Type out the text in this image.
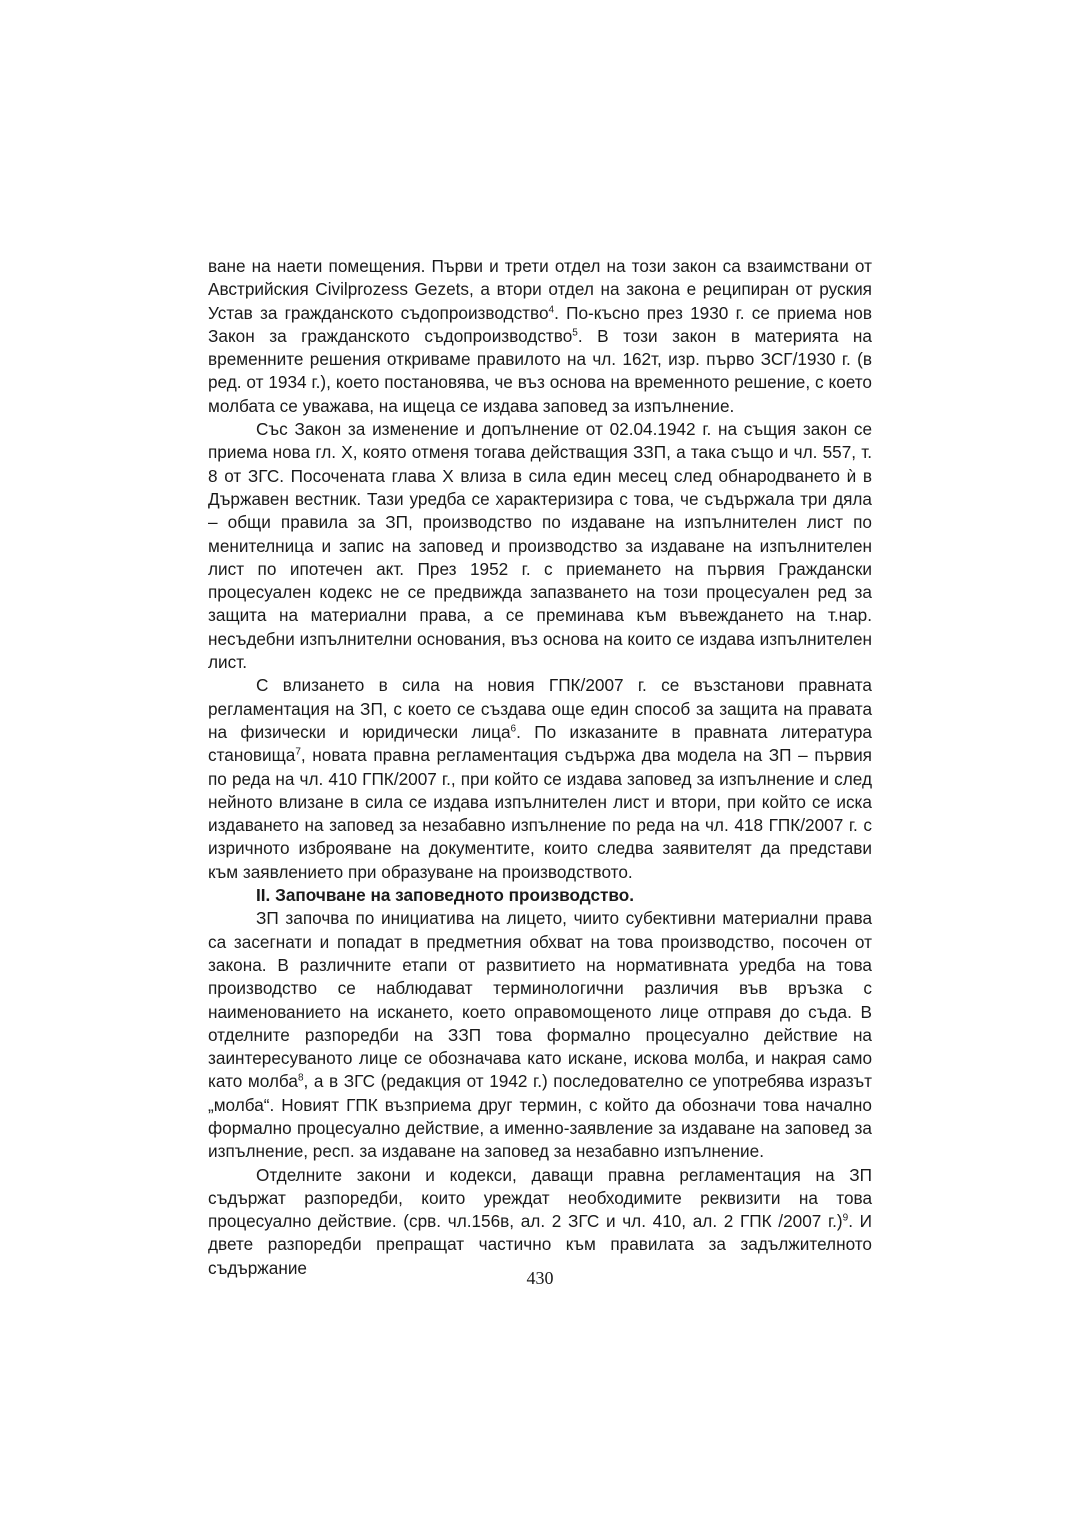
ване на наети помещения. Първи и трети отдел на този закон са взаимствани от Австрийския Civilprozess Gezets, а втори отдел на закона е реципиран от руския Устав за гражданското съдопроизводство$^4$. По-късно през 1930 г. се приема нов Закон за гражданското съдопроизводство$^5$. В този закон в материята на временните решения откриваме правилото на чл. 162т, изр. първо ЗСГ/1930 г. (в ред. от 1934 г.), което постановява, че въз основа на временното решение, с което молбата се уважава, на ищеца се издава заповед за изпълнение.

Със Закон за изменение и допълнение от 02.04.1942 г. на същия закон се приема нова гл. Х, която отменя тогава действащия ЗЗП, а така също и чл. 557, т. 8 от ЗГС. Посочената глава Х влиза в сила един месец след обнародването ѝ в Държавен вестник. Тази уредба се характеризира с това, че съдържала три дяла – общи правила за ЗП, производство по издаване на изпълнителен лист по менителница и запис на заповед и производство за издаване на изпълнителен лист по ипотечен акт. През 1952 г. с приемането на първия Граждански процесуален кодекс не се предвижда запазването на този процесуален ред за защита на материални права, а се преминава към въвеждането на т.нар. несъдебни изпълнителни основания, въз основа на които се издава изпълнителен лист.

С влизането в сила на новия ГПК/2007 г. се възстанови правната регламентация на ЗП, с което се създава още един способ за защита на правата на физически и юридически лица$^6$. По изказаните в правната литература становища$^7$, новата правна регламентация съдържа два модела на ЗП – първия по реда на чл. 410 ГПК/2007 г., при който се издава заповед за изпълнение и след нейното влизане в сила се издава изпълнителен лист и втори, при който се иска издаването на заповед за незабавно изпълнение по реда на чл. 418 ГПК/2007 г. с изричното изброяване на документите, които следва заявителят да представи към заявлението при образуване на производството.

II. Започване на заповедното производство.

ЗП започва по инициатива на лицето, чиито субективни материални права са засегнати и попадат в предметния обхват на това производство, посочен от закона. В различните етапи от развитието на нормативната уредба на това производство се наблюдават терминологични различия във връзка с наименованието на искането, което оправомощеното лице отправя до съда. В отделните разпоредби на ЗЗП това формално процесуално действие на заинтересуваното лице се обозначава като искане, искова молба, и накрая само като молба$^8$, а в ЗГС (редакция от 1942 г.) последователно се употребява изразът „молба“. Новият ГПК възприема друг термин, с който да обозначи това начално формално процесуално действие, а именно-заявление за издаване на заповед за изпълнение, респ. за издаване на заповед за незабавно изпълнение.

Отделните закони и кодекси, даващи правна регламентация на ЗП съдържат разпоредби, които уреждат необходимите реквизити на това процесуално действие. (срв. чл.156в, ал. 2 ЗГС и чл. 410, ал. 2 ГПК /2007 г.)$^9$. И двете разпоредби препращат частично към правилата за задължителното съдържание

430
